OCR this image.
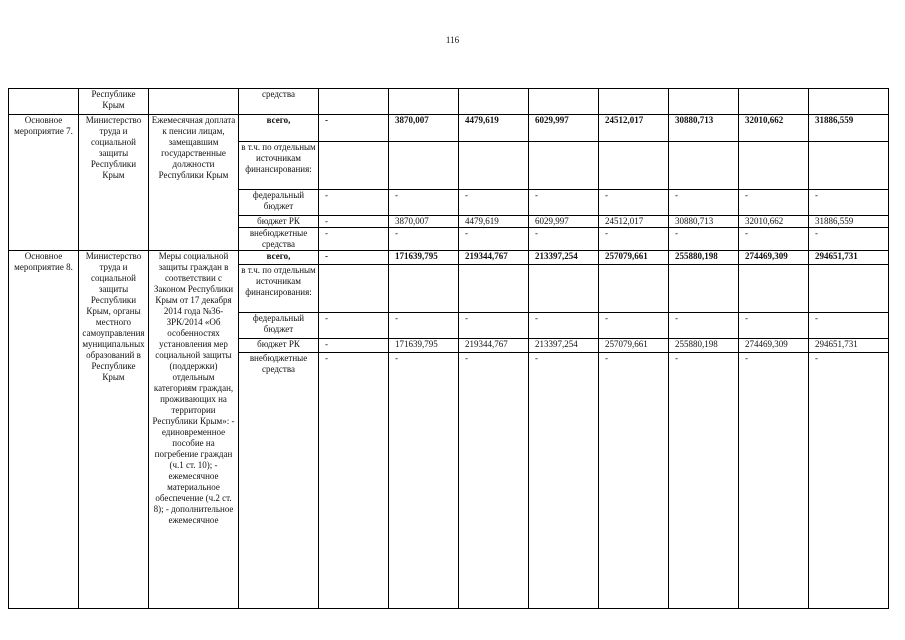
116
	Республике Крым		средства								
Основное мероприятие 7.	Министерство труда и социальной защиты Республики Крым	Ежемесячная доплата к пенсии лицам, замещавшим государственные должности Республики Крым	всего,	-	3870,007	4479,619	6029,997	24512,017	30880,713	32010,662	31886,559
			в т.ч. по отдельным источникам финансирования:								
			федеральный бюджет	-	-	-	-	-	-	-	-
			бюджет РК	-	3870,007	4479,619	6029,997	24512,017	30880,713	32010,662	31886,559
			внебюджетные средства	-	-	-	-	-	-	-	-
Основное мероприятие 8.	Министерство труда и социальной защиты Республики Крым, органы местного самоуправления муниципальных образований в Республике Крым	Меры социальной защиты граждан в соответствии с Законом Республики Крым от 17 декабря 2014 года №36-ЗРК/2014 «Об особенностях установления мер социальной защиты (поддержки) отдельным категориям граждан, проживающих на территории Республики Крым»: - единовременное пособие на погребение граждан (ч.1 ст. 10); - ежемесячное материальное обеспечение (ч.2 ст. 8); - дополнительное ежемесячное	всего,	-	171639,795	219344,767	213397,254	257079,661	255880,198	274469,309	294651,731
			в т.ч. по отдельным источникам финансирования:								
			федеральный бюджет	-	-	-	-	-	-	-	-
			бюджет РК	-	171639,795	219344,767	213397,254	257079,661	255880,198	274469,309	294651,731
			внебюджетные средства	-	-	-	-	-	-	-	-
